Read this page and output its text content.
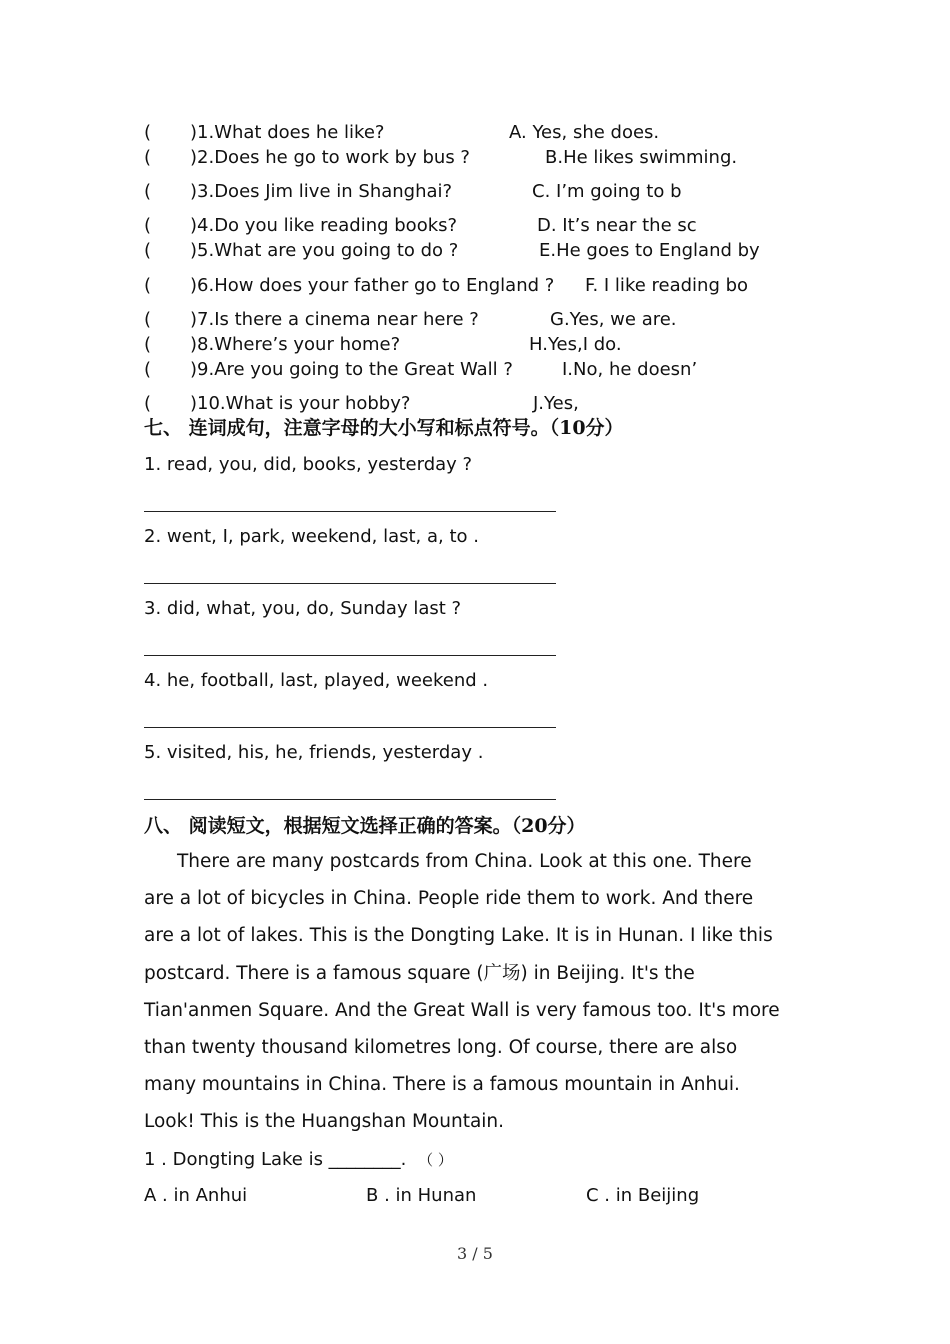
( )1.What does he like?	A. Yes, she does.
( )2.Does he go to work by bus ?	B.He likes swimming.
( )3.Does Jim live in Shanghai?	C. I’m going to b
( )4.Do you like reading books?	D. It’s near the sc
( )5.What are you going to do ?	E.He goes to England by
( )6.How does your father go to England ? F. I like reading bo
( )7.Is there a cinema near here ?	G.Yes, we are.
( )8.Where’s your home?	H.Yes,I do.
( )9.Are you going to the Great Wall ?	I.No, he doesn’
( )10.What is your hobby?	J.Yes,
七、 连词成句，注意字母的大小写和标点符号。（10分）
1. read, you, did, books, yesterday ?
2. went, I, park, weekend, last, a, to .
3. did, what, you, do, Sunday last ?
4. he, football, last, played, weekend .
5. visited, his, he, friends, yesterday .
八、 阅读短文，根据短文选择正确的答案。（20分）
There are many postcards from China. Look at this one. There
are a lot of bicycles in China. People ride them to work. And there
are a lot of lakes. This is the Dongting Lake. It is in Hunan. I like this
postcard. There is a famous square (广场) in Beijing. It's the
Tian'anmen Square. And the Great Wall is very famous too. It's more
than twenty thousand kilometres long. Of course, there are also
many mountains in China. There is a famous mountain in Anhui.
Look! This is the Huangshan Mountain.
1 . Dongting Lake is ________. （ ）
A . in Anhui	B . in Hunan	C . in Beijing
3 / 5
